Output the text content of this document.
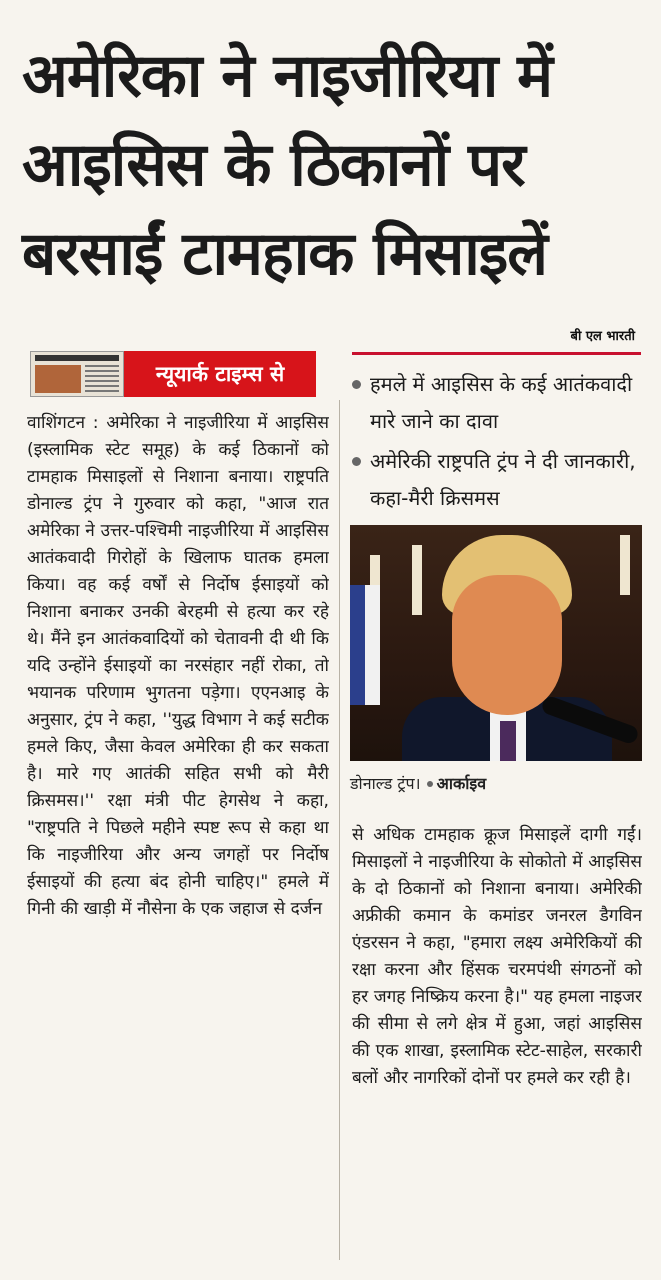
अमेरिका ने नाइजीरिया में आइसिस के ठिकानों पर बरसाईं टामहाक मिसाइलें
बी एल भारती
न्यूयार्क टाइम्स से	हमले में आइसिस के कई आतंकवादी मारे जाने का दावा
अमेरिकी राष्ट्रपति ट्रंप ने दी जानकारी, कहा-मैरी क्रिसमस
डोनाल्ड ट्रंप। आर्काइव

वाशिंगटन : अमेरिका ने नाइजीरिया में आइसिस (इस्लामिक स्टेट समूह) के कई ठिकानों को टामहाक मिसाइलों से निशाना बनाया। राष्ट्रपति डोनाल्ड ट्रंप ने गुरुवार को कहा, "आज रात अमेरिका ने उत्तर-पश्चिमी नाइजीरिया में आइसिस आतंकवादी गिरोहों के खिलाफ घातक हमला किया। वह कई वर्षों से निर्दोष ईसाइयों को निशाना बनाकर उनकी बेरहमी से हत्या कर रहे थे। मैंने इन आतंकवादियों को चेतावनी दी थी कि यदि उन्होंने ईसाइयों का नरसंहार नहीं रोका, तो भयानक परिणाम भुगतना पड़ेगा। एएनआइ के अनुसार, ट्रंप ने कहा, ''युद्ध विभाग ने कई सटीक हमले किए, जैसा केवल अमेरिका ही कर सकता है। मारे गए आतंकी सहित सभी को मैरी क्रिसमस।'' रक्षा मंत्री पीट हेगसेथ ने कहा, "राष्ट्रपति ने पिछले महीने स्पष्ट रूप से कहा था कि नाइजीरिया और अन्य जगहों पर निर्दोष ईसाइयों की हत्या बंद होनी चाहिए।" हमले में गिनी की खाड़ी में नौसेना के एक जहाज से दर्जन

से अधिक टामहाक क्रूज मिसाइलें दागी गईं। मिसाइलों ने नाइजीरिया के सोकोतो में आइसिस के दो ठिकानों को निशाना बनाया। अमेरिकी अफ्रीकी कमान के कमांडर जनरल डैगविन एंडरसन ने कहा, "हमारा लक्ष्य अमेरिकियों की रक्षा करना और हिंसक चरमपंथी संगठनों को हर जगह निष्क्रिय करना है।" यह हमला नाइजर की सीमा से लगे क्षेत्र में हुआ, जहां आइसिस की एक शाखा, इस्लामिक स्टेट-साहेल, सरकारी बलों और नागरिकों दोनों पर हमले कर रही है।
